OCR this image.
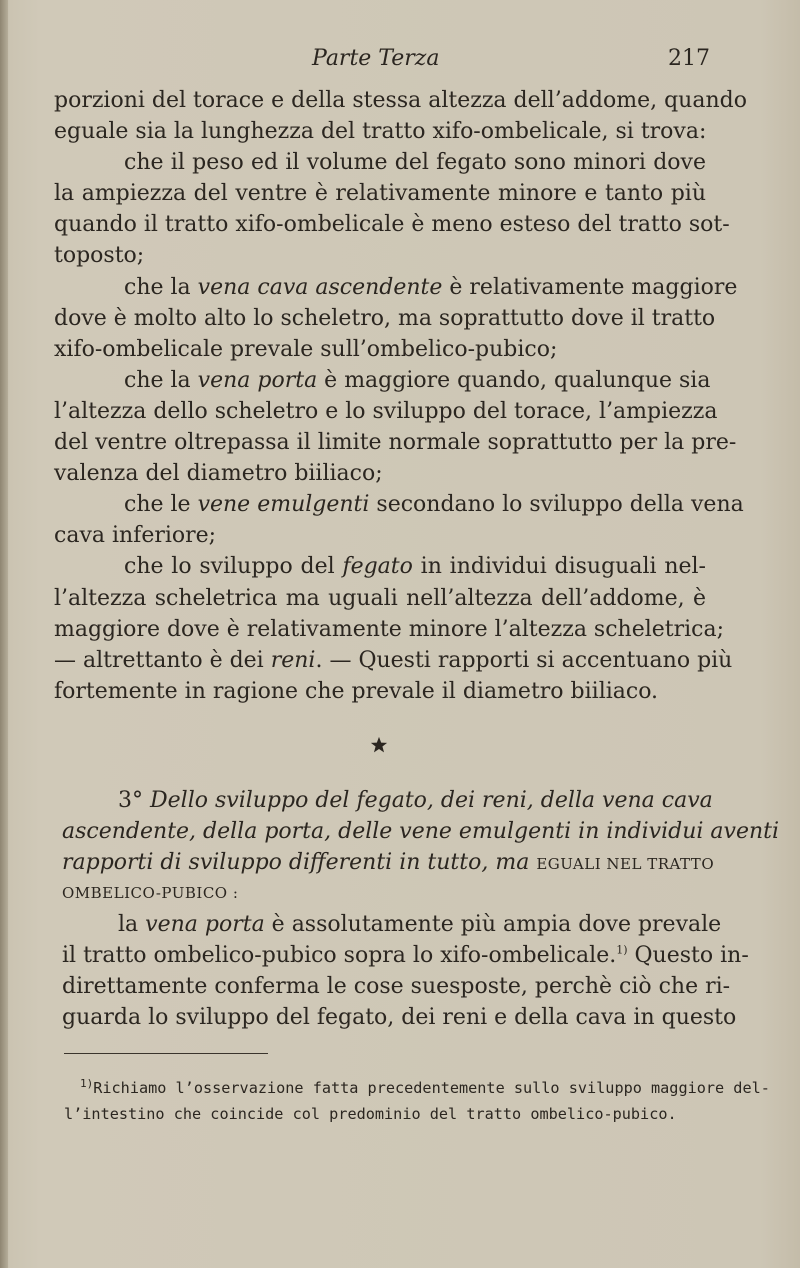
Parte Terza	217
porzioni del torace e della stessa altezza dell’addome, quando
eguale sia la lunghezza del tratto xifo-ombelicale, si trova:
che il peso ed il volume del fegato sono minori dove
la ampiezza del ventre è relativamente minore e tanto più
quando il tratto xifo-ombelicale è meno esteso del tratto sot-
toposto;
che la vena cava ascendente è relativamente maggiore
dove è molto alto lo scheletro, ma soprattutto dove il tratto
xifo-ombelicale prevale sull’ombelico-pubico;
che la vena porta è maggiore quando, qualunque sia
l’altezza dello scheletro e lo sviluppo del torace, l’ampiezza
del ventre oltrepassa il limite normale soprattutto per la pre-
valenza del diametro biiliaco;
che le vene emulgenti secondano lo sviluppo della vena
cava inferiore;
che lo sviluppo del fegato in individui disuguali nel-
l’altezza scheletrica ma uguali nell’altezza dell’addome, è
maggiore dove è relativamente minore l’altezza scheletrica;
— altrettanto è dei reni. — Questi rapporti si accentuano più
fortemente in ragione che prevale il diametro biiliaco.
3° Dello sviluppo del fegato, dei reni, della vena cava
ascendente, della porta, delle vene emulgenti in individui aventi
rapporti di sviluppo differenti in tutto, ma EGUALI NEL TRATTO
OMBELICO-PUBICO :
la vena porta è assolutamente più ampia dove prevale
il tratto ombelico-pubico sopra lo xifo-ombelicale.$^{1)}$ Questo in-
direttamente conferma le cose suesposte, perchè ciò che ri-
guarda lo sviluppo del fegato, dei reni e della cava in questo
$^{1)}$Richiamo l’osservazione fatta precedentemente sullo sviluppo maggiore del-
l’intestino che coincide col predominio del tratto ombelico-pubico.
